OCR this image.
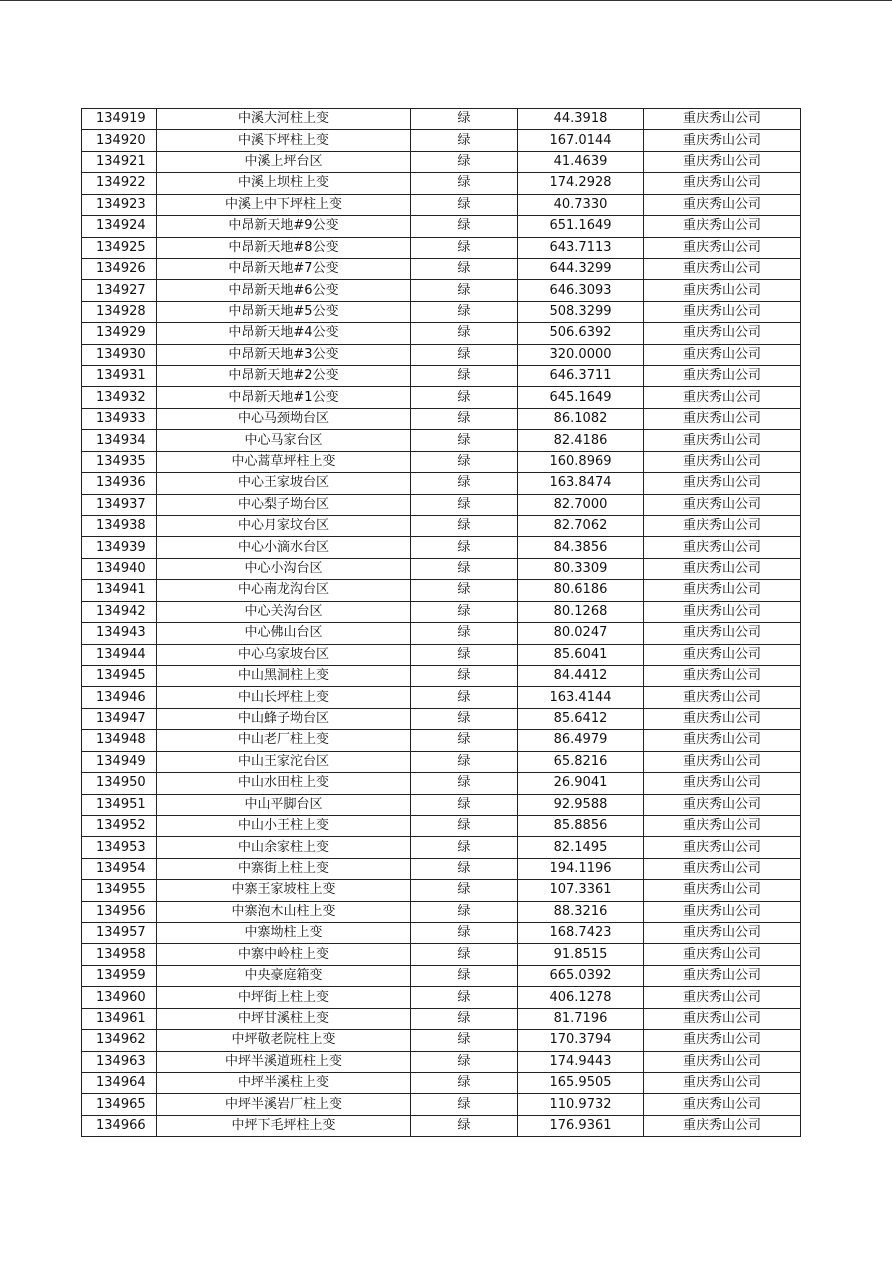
134919	中溪大河柱上变	绿	44.3918	重庆秀山公司
134920	中溪下坪柱上变	绿	167.0144	重庆秀山公司
134921	中溪上坪台区	绿	41.4639	重庆秀山公司
134922	中溪上坝柱上变	绿	174.2928	重庆秀山公司
134923	中溪上中下坪柱上变	绿	40.7330	重庆秀山公司
134924	中昂新天地#9公变	绿	651.1649	重庆秀山公司
134925	中昂新天地#8公变	绿	643.7113	重庆秀山公司
134926	中昂新天地#7公变	绿	644.3299	重庆秀山公司
134927	中昂新天地#6公变	绿	646.3093	重庆秀山公司
134928	中昂新天地#5公变	绿	508.3299	重庆秀山公司
134929	中昂新天地#4公变	绿	506.6392	重庆秀山公司
134930	中昂新天地#3公变	绿	320.0000	重庆秀山公司
134931	中昂新天地#2公变	绿	646.3711	重庆秀山公司
134932	中昂新天地#1公变	绿	645.1649	重庆秀山公司
134933	中心马颈坳台区	绿	86.1082	重庆秀山公司
134934	中心马家台区	绿	82.4186	重庆秀山公司
134935	中心蒿草坪柱上变	绿	160.8969	重庆秀山公司
134936	中心王家坡台区	绿	163.8474	重庆秀山公司
134937	中心梨子坳台区	绿	82.7000	重庆秀山公司
134938	中心月家坟台区	绿	82.7062	重庆秀山公司
134939	中心小滴水台区	绿	84.3856	重庆秀山公司
134940	中心小沟台区	绿	80.3309	重庆秀山公司
134941	中心南龙沟台区	绿	80.6186	重庆秀山公司
134942	中心关沟台区	绿	80.1268	重庆秀山公司
134943	中心佛山台区	绿	80.0247	重庆秀山公司
134944	中心乌家坡台区	绿	85.6041	重庆秀山公司
134945	中山黑洞柱上变	绿	84.4412	重庆秀山公司
134946	中山长坪柱上变	绿	163.4144	重庆秀山公司
134947	中山蜂子坳台区	绿	85.6412	重庆秀山公司
134948	中山老厂柱上变	绿	86.4979	重庆秀山公司
134949	中山王家沱台区	绿	65.8216	重庆秀山公司
134950	中山水田柱上变	绿	26.9041	重庆秀山公司
134951	中山平脚台区	绿	92.9588	重庆秀山公司
134952	中山小王柱上变	绿	85.8856	重庆秀山公司
134953	中山余家柱上变	绿	82.1495	重庆秀山公司
134954	中寨街上柱上变	绿	194.1196	重庆秀山公司
134955	中寨王家坡柱上变	绿	107.3361	重庆秀山公司
134956	中寨泡木山柱上变	绿	88.3216	重庆秀山公司
134957	中寨坳柱上变	绿	168.7423	重庆秀山公司
134958	中寨中岭柱上变	绿	91.8515	重庆秀山公司
134959	中央豪庭箱变	绿	665.0392	重庆秀山公司
134960	中坪街上柱上变	绿	406.1278	重庆秀山公司
134961	中坪甘溪柱上变	绿	81.7196	重庆秀山公司
134962	中坪敬老院柱上变	绿	170.3794	重庆秀山公司
134963	中坪半溪道班柱上变	绿	174.9443	重庆秀山公司
134964	中坪半溪柱上变	绿	165.9505	重庆秀山公司
134965	中坪半溪岩厂柱上变	绿	110.9732	重庆秀山公司
134966	中坪下毛坪柱上变	绿	176.9361	重庆秀山公司
